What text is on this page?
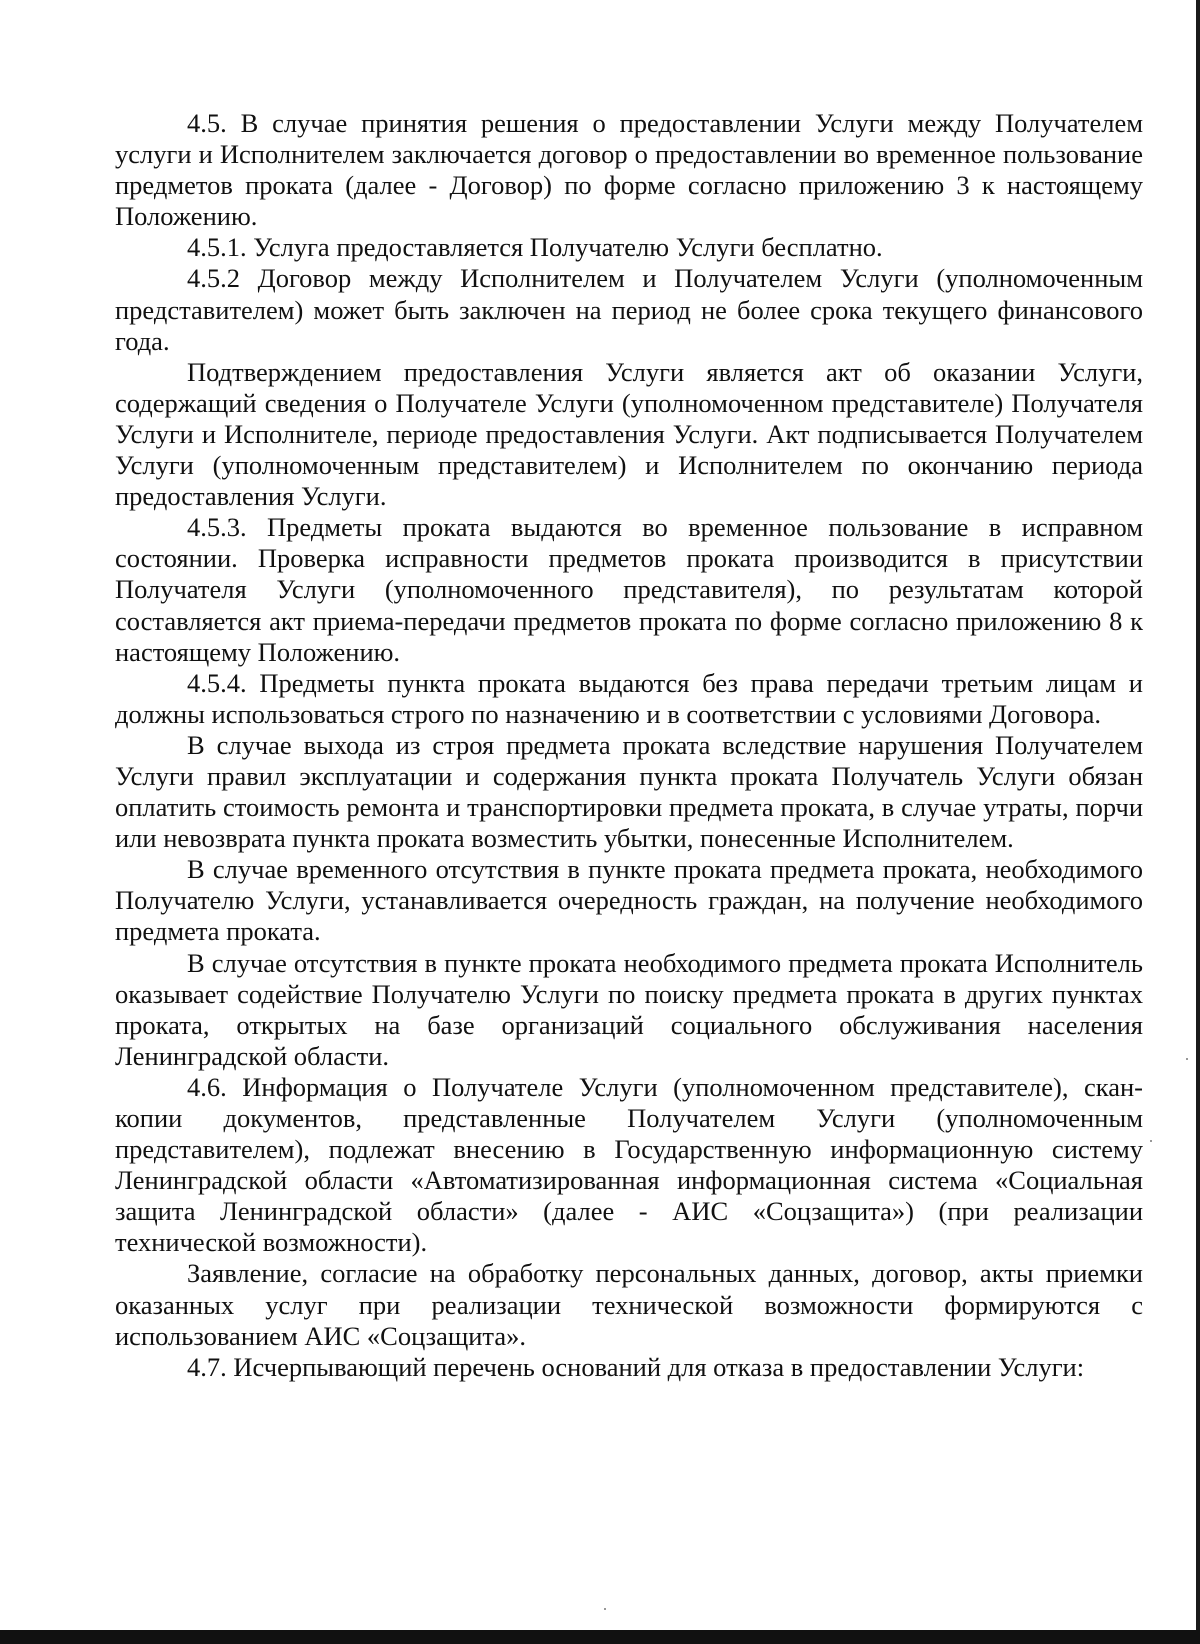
4.5. В случае принятия решения о предоставлении Услуги между Получателем услуги и Исполнителем заключается договор о предоставлении во временное пользование предметов проката (далее - Договор) по форме согласно приложению 3 к настоящему Положению.

4.5.1. Услуга предоставляется Получателю Услуги бесплатно.

4.5.2 Договор между Исполнителем и Получателем Услуги (уполномоченным представителем) может быть заключен на период не более срока текущего финансового года.

Подтверждением предоставления Услуги является акт об оказании Услуги, содержащий сведения о Получателе Услуги (уполномоченном представителе) Получателя Услуги и Исполнителе, периоде предоставления Услуги. Акт подписывается Получателем Услуги (уполномоченным представителем) и Исполнителем по окончанию периода предоставления Услуги.

4.5.3. Предметы проката выдаются во временное пользование в исправном состоянии. Проверка исправности предметов проката производится в присутствии Получателя Услуги (уполномоченного представителя), по результатам которой составляется акт приема-передачи предметов проката по форме согласно приложению 8 к настоящему Положению.

4.5.4. Предметы пункта проката выдаются без права передачи третьим лицам и должны использоваться строго по назначению и в соответствии с условиями Договора.

В случае выхода из строя предмета проката вследствие нарушения Получателем Услуги правил эксплуатации и содержания пункта проката Получатель Услуги обязан оплатить стоимость ремонта и транспортировки предмета проката, в случае утраты, порчи или невозврата пункта проката возместить убытки, понесенные Исполнителем.

В случае временного отсутствия в пункте проката предмета проката, необходимого Получателю Услуги, устанавливается очередность граждан, на получение необходимого предмета проката.

В случае отсутствия в пункте проката необходимого предмета проката Исполнитель оказывает содействие Получателю Услуги по поиску предмета проката в других пунктах проката, открытых на базе организаций социального обслуживания населения Ленинградской области.

4.6. Информация о Получателе Услуги (уполномоченном представителе), скан-копии документов, представленные Получателем Услуги (уполномоченным представителем), подлежат внесению в Государственную информационную систему Ленинградской области «Автоматизированная информационная система «Социальная защита Ленинградской области» (далее - АИС «Соцзащита») (при реализации технической возможности).

Заявление, согласие на обработку персональных данных, договор, акты приемки оказанных услуг при реализации технической возможности формируются с использованием АИС «Соцзащита».

4.7. Исчерпывающий перечень оснований для отказа в предоставлении Услуги:
